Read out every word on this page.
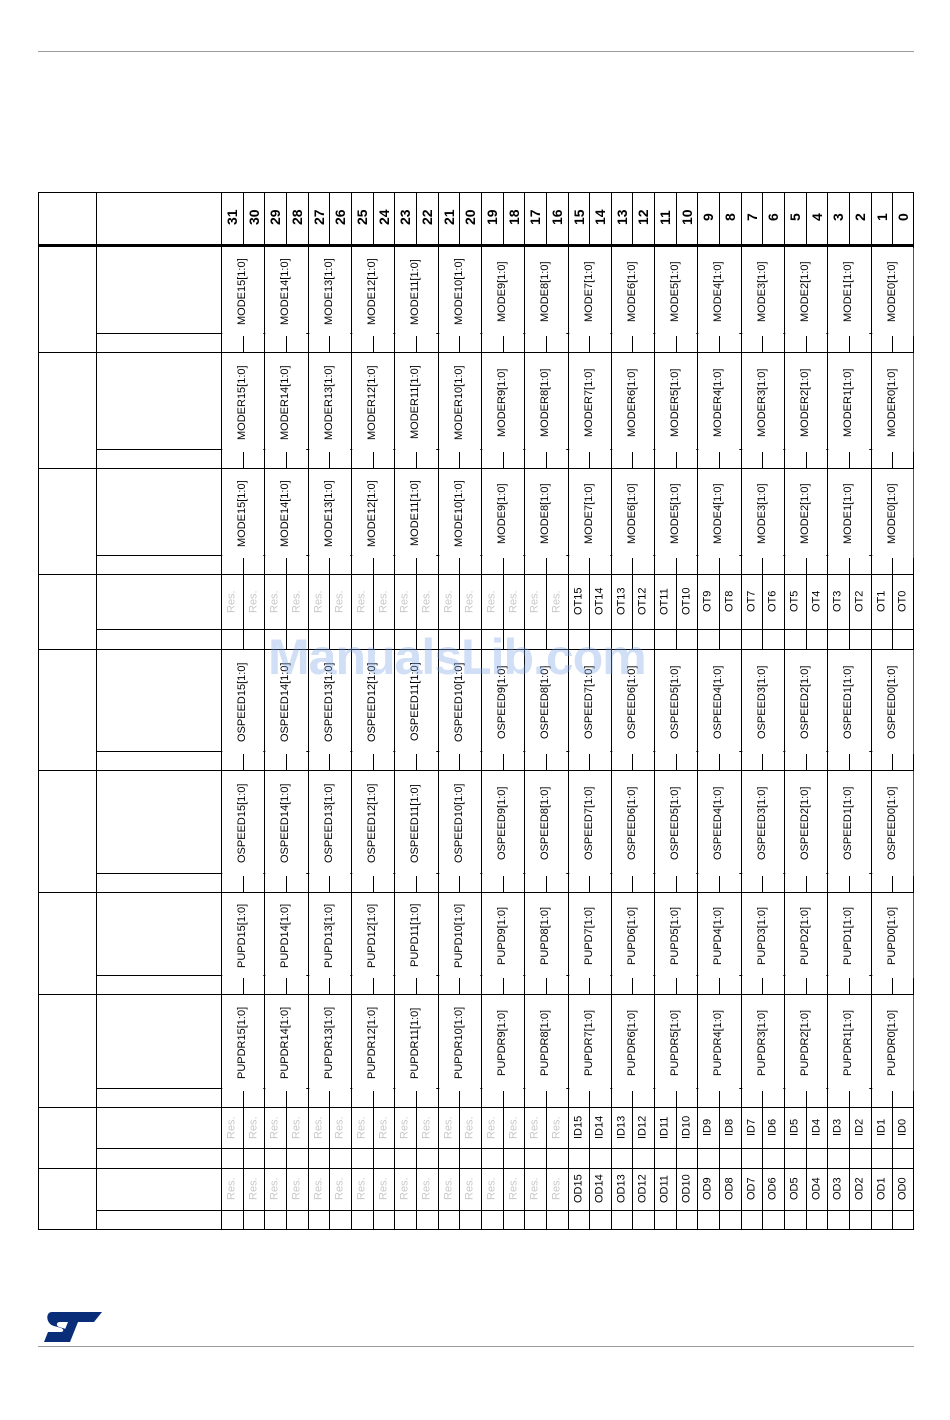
31 30 29 28 27 26 25 24 23 22 21 20 19 18 17 16 15 14 13 12 11 10 9 8 7 6 5 4 3 2 1 0
MODE15[1:0]	MODE14[1:0]	MODE13[1:0]	MODE12[1:0]	MODE11[1:0]	MODE10[1:0]	MODE9[1:0]	MODE8[1:0]	MODE7[1:0]	MODE6[1:0]	MODE5[1:0]	MODE4[1:0]	MODE3[1:0]	MODE2[1:0]	MODE1[1:0]	MODE0[1:0]
MODER15[1:0]	MODER14[1:0]	MODER13[1:0]	MODER12[1:0]	MODER11[1:0]	MODER10[1:0]	MODER9[1:0]	MODER8[1:0]	MODER7[1:0]	MODER6[1:0]	MODER5[1:0]	MODER4[1:0]	MODER3[1:0]	MODER2[1:0]	MODER1[1:0]	MODER0[1:0]
MODE15[1:0]	MODE14[1:0]	MODE13[1:0]	MODE12[1:0]	MODE11[1:0]	MODE10[1:0]	MODE9[1:0]	MODE8[1:0]	MODE7[1:0]	MODE6[1:0]	MODE5[1:0]	MODE4[1:0]	MODE3[1:0]	MODE2[1:0]	MODE1[1:0]	MODE0[1:0]
Res. Res. Res. Res. Res. Res. Res. Res. Res. Res. Res. Res. Res. Res. Res. Res. OT15 OT14 OT13 OT12 OT11 OT10 OT9 OT8 OT7 OT6 OT5 OT4 OT3 OT2 OT1 OT0
OSPEED15[1:0]	OSPEED14[1:0]	OSPEED13[1:0]	OSPEED12[1:0]	OSPEED11[1:0]	OSPEED10[1:0]	OSPEED9[1:0]	OSPEED8[1:0]	OSPEED7[1:0]	OSPEED6[1:0]	OSPEED5[1:0]	OSPEED4[1:0]	OSPEED3[1:0]	OSPEED2[1:0]	OSPEED1[1:0]	OSPEED0[1:0]
OSPEED15[1:0]	OSPEED14[1:0]	OSPEED13[1:0]	OSPEED12[1:0]	OSPEED11[1:0]	OSPEED10[1:0]	OSPEED9[1:0]	OSPEED8[1:0]	OSPEED7[1:0]	OSPEED6[1:0]	OSPEED5[1:0]	OSPEED4[1:0]	OSPEED3[1:0]	OSPEED2[1:0]	OSPEED1[1:0]	OSPEED0[1:0]
PUPD15[1:0]	PUPD14[1:0]	PUPD13[1:0]	PUPD12[1:0]	PUPD11[1:0]	PUPD10[1:0]	PUPD9[1:0]	PUPD8[1:0]	PUPD7[1:0]	PUPD6[1:0]	PUPD5[1:0]	PUPD4[1:0]	PUPD3[1:0]	PUPD2[1:0]	PUPD1[1:0]	PUPD0[1:0]
PUPDR15[1:0]	PUPDR14[1:0]	PUPDR13[1:0]	PUPDR12[1:0]	PUPDR11[1:0]	PUPDR10[1:0]	PUPDR9[1:0]	PUPDR8[1:0]	PUPDR7[1:0]	PUPDR6[1:0]	PUPDR5[1:0]	PUPDR4[1:0]	PUPDR3[1:0]	PUPDR2[1:0]	PUPDR1[1:0]	PUPDR0[1:0]
Res. Res. Res. Res. Res. Res. Res. Res. Res. Res. Res. Res. Res. Res. Res. Res. ID15 ID14 ID13 ID12 ID11 ID10 ID9 ID8 ID7 ID6 ID5 ID4 ID3 ID2 ID1 ID0
Res. Res. Res. Res. Res. Res. Res. Res. Res. Res. Res. Res. Res. Res. Res. Res. OD15 OD14 OD13 OD12 OD11 OD10 OD9 OD8 OD7 OD6 OD5 OD4 OD3 OD2 OD1 OD0
ManualsLib.com
